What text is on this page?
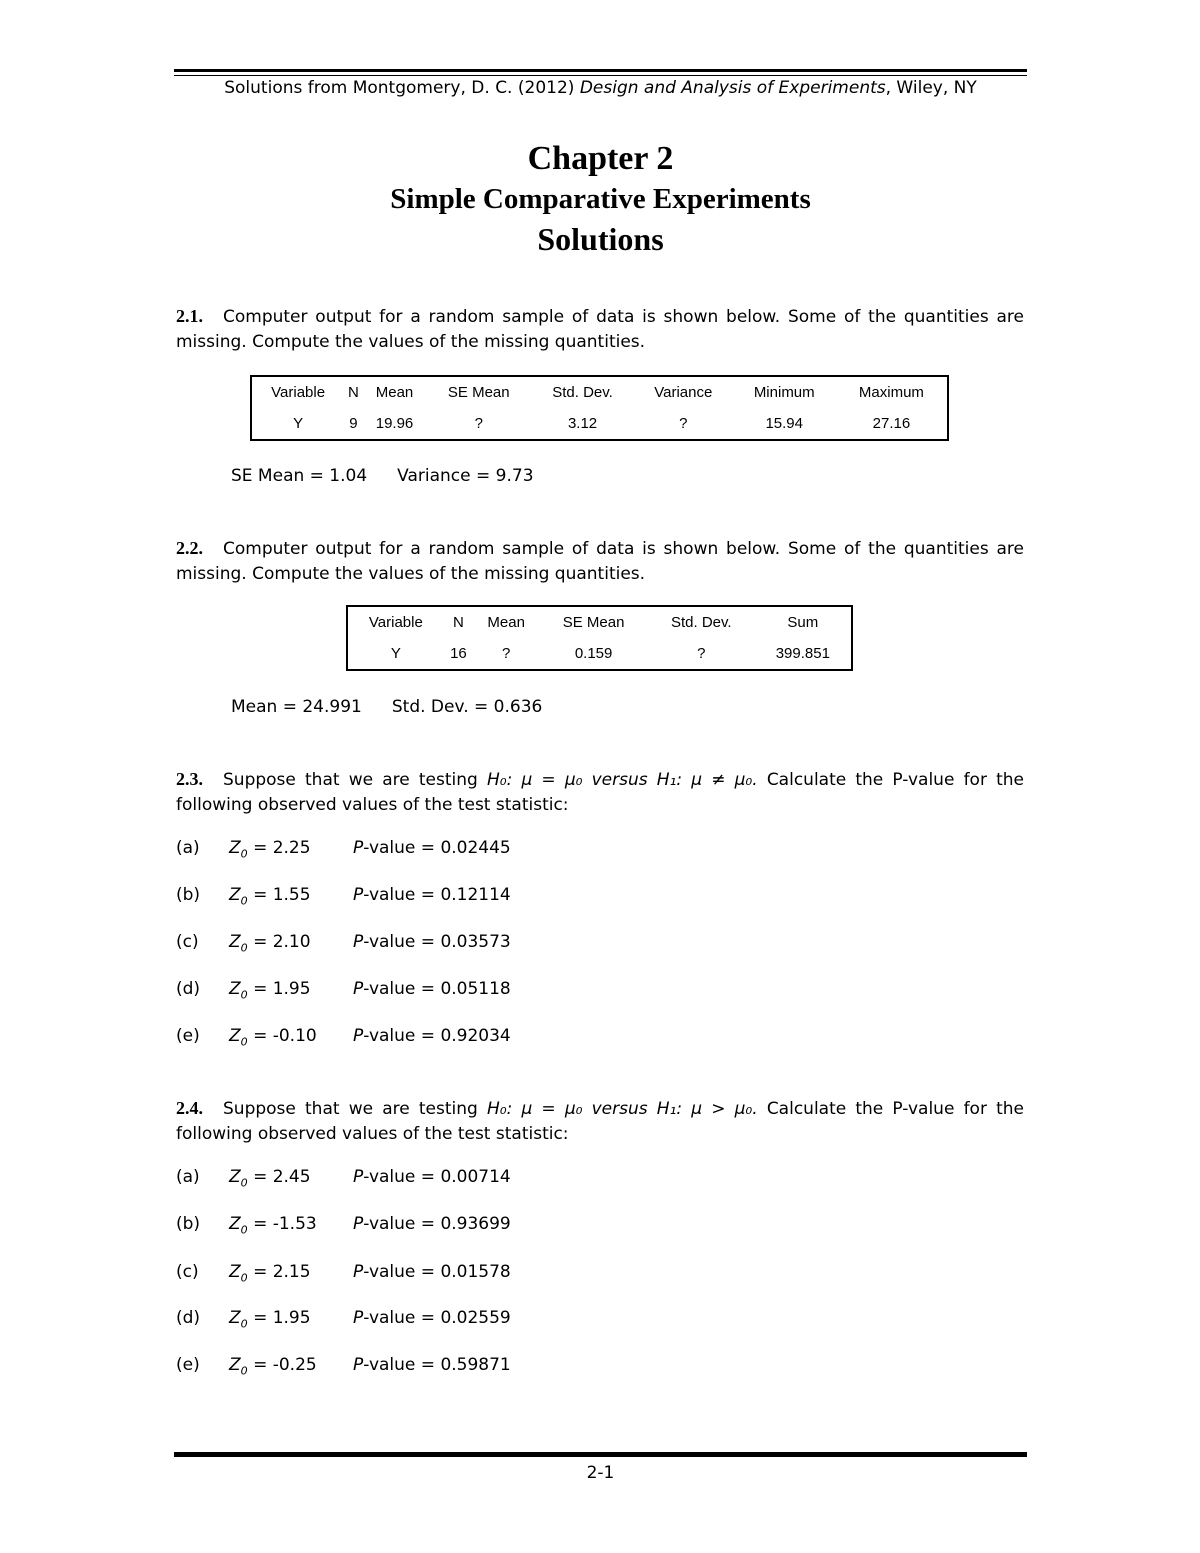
Solutions from Montgomery, D. C. (2012) Design and Analysis of Experiments, Wiley, NY
Chapter 2
Simple Comparative Experiments
Solutions
2.1. Computer output for a random sample of data is shown below. Some of the quantities are missing. Compute the values of the missing quantities.
Variable	N	Mean	SE Mean	Std. Dev.	Variance	Minimum	Maximum
Y	9	19.96	?	3.12	?	15.94	27.16
SE Mean = 1.04 Variance = 9.73
2.2. Computer output for a random sample of data is shown below. Some of the quantities are missing. Compute the values of the missing quantities.
Variable	N	Mean	SE Mean	Std. Dev.	Sum
Y	16	?	0.159	?	399.851
Mean = 24.991 Std. Dev. = 0.636
2.3. Suppose that we are testing H₀: μ = μ₀ versus H₁: μ ≠ μ₀. Calculate the P-value for the following observed values of the test statistic:
(a) $Z_0 = 2.25$ P-value = 0.02445
(b) $Z_0 = 1.55$ P-value = 0.12114
(c) $Z_0 = 2.10$ P-value = 0.03573
(d) $Z_0 = 1.95$ P-value = 0.05118
(e) $Z_0 = -0.10$ P-value = 0.92034
2.4. Suppose that we are testing H₀: μ = μ₀ versus H₁: μ > μ₀. Calculate the P-value for the following observed values of the test statistic:
(a) $Z_0 = 2.45$ P-value = 0.00714
(b) $Z_0 = -1.53$ P-value = 0.93699
(c) $Z_0 = 2.15$ P-value = 0.01578
(d) $Z_0 = 1.95$ P-value = 0.02559
(e) $Z_0 = -0.25$ P-value = 0.59871
2-1
